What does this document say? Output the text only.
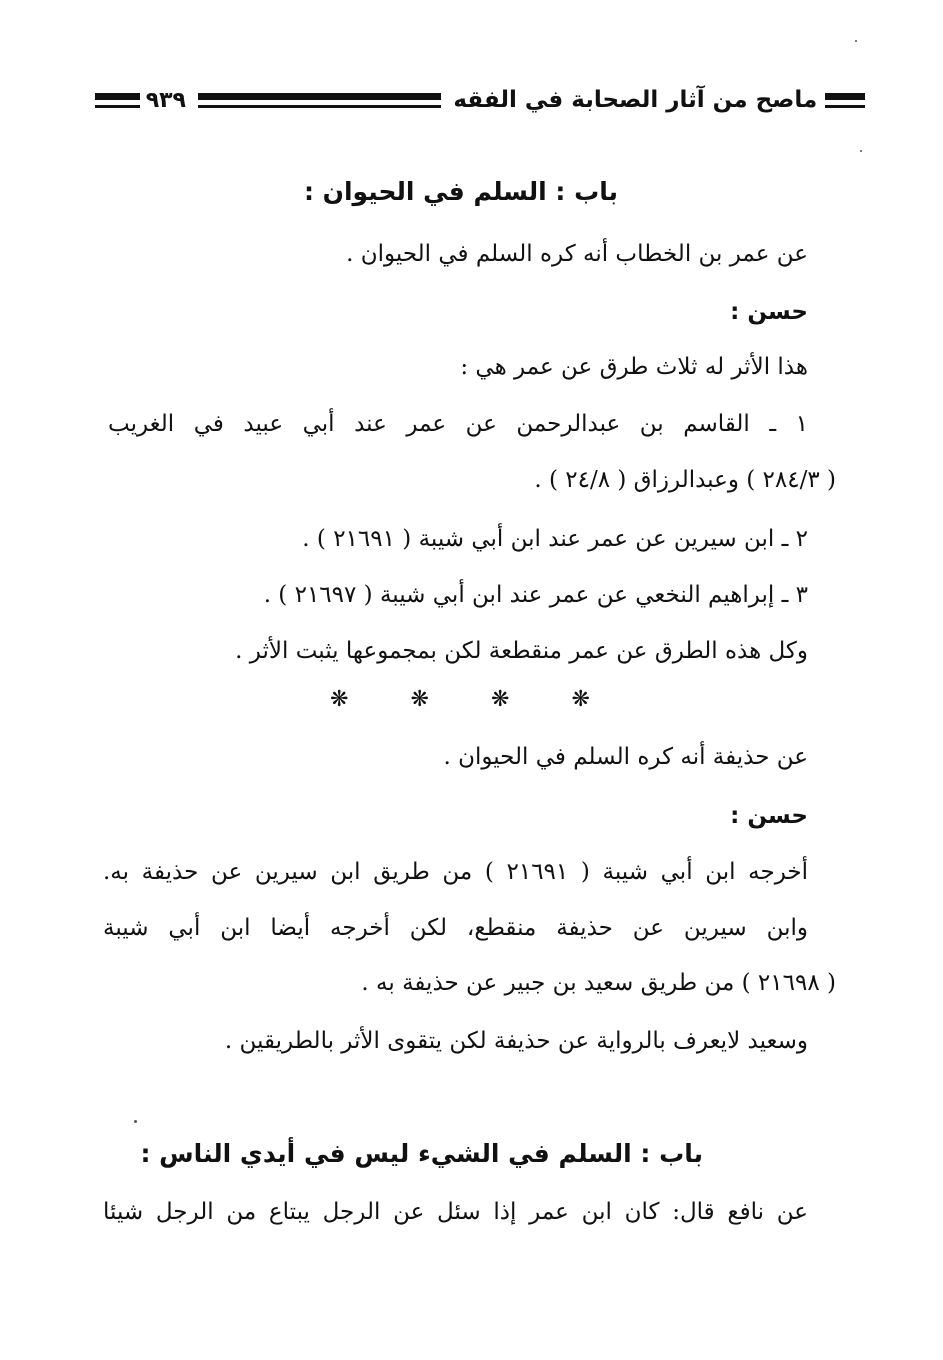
ماصح من آثار الصحابة في الفقه
٩٣٩
باب : السلم في الحيوان :
عن عمر بن الخطاب أنه كره السلم في الحيوان .
حسن :
هذا الأثر له ثلاث طرق عن عمر هي :
١ ـ القاسم بن عبدالرحمن عن عمر عند أبي عبيد في الغريب
( ٢٨٤/٣ ) وعبدالرزاق ( ٢٤/٨ ) .
٢ ـ ابن سيرين عن عمر عند ابن أبي شيبة ( ٢١٦٩١ ) .
٣ ـ إبراهيم النخعي عن عمر عند ابن أبي شيبة ( ٢١٦٩٧ ) .
وكل هذه الطرق عن عمر منقطعة لكن بمجموعها يثبت الأثر .
❋	❋	❋	❋
عن حذيفة أنه كره السلم في الحيوان .
حسن :
أخرجه ابن أبي شيبة ( ٢١٦٩١ ) من طريق ابن سيرين عن حذيفة به.
وابن سيرين عن حذيفة منقطع، لكن أخرجه أيضا ابن أبي شيبة
( ٢١٦٩٨ ) من طريق سعيد بن جبير عن حذيفة به .
وسعيد لايعرف بالرواية عن حذيفة لكن يتقوى الأثر بالطريقين .
باب : السلم في الشيء ليس في أيدي الناس :
عن نافع قال: كان ابن عمر إذا سئل عن الرجل يبتاع من الرجل شيئا
